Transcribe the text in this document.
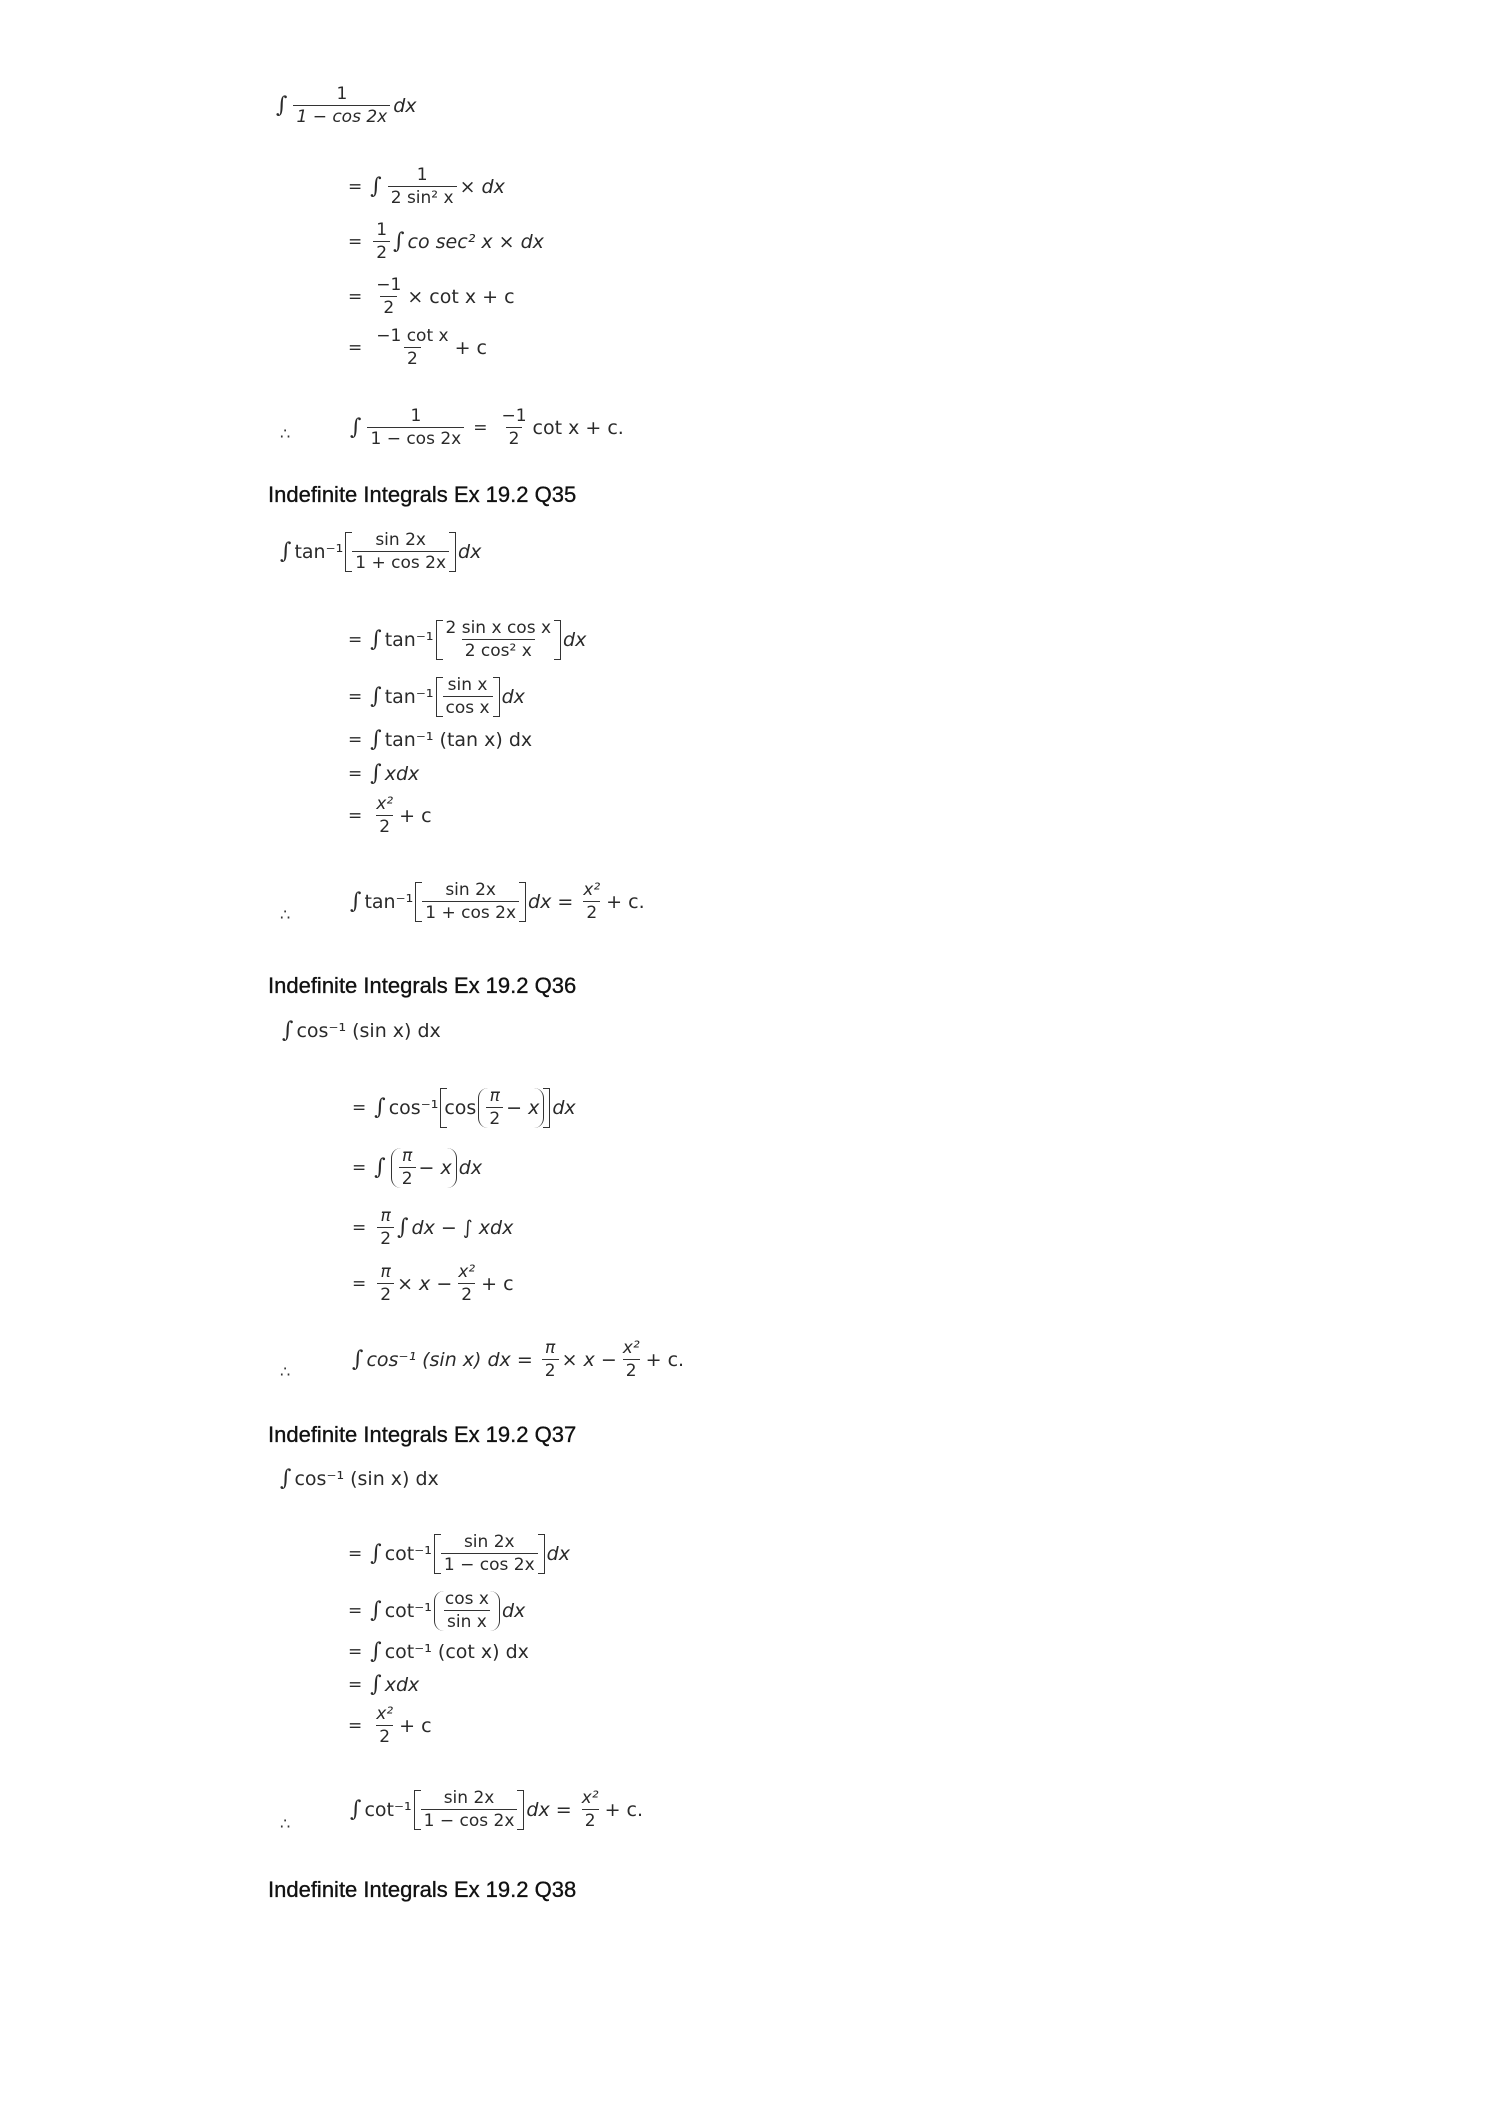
∫ $\frac{1}{1 - \cos 2x}$ dx
= ∫ $\frac{1}{\text{2 sin² x}}$ × dx
= $\frac{1}{2}$ ∫ co sec² x × dx
= $\frac{-1}{2} \times \cot x + c$
= $\frac{\text{−1 cot x}}{2} + c$
∴	∫ $\frac{1}{1 - \cos 2x} = \frac{-1}{2}$ cot x + c.
Indefinite Integrals Ex 19.2 Q35
∫ $\tan^{-1} \frac{\sin 2x}{1 + \cos 2x}$ dx
= ∫ $\tan^{-1} \frac{\text{2 sin x cos x}}{\text{2 cos² x}}$ dx
= ∫ $\tan^{-1} \frac{\text{sin x}}{\text{cos x}}$ dx
= ∫ tan⁻¹ (tan x) dx
= ∫ xdx
= $\frac{\text{x²}}{2} + c$
∴
∫ $\tan^{-1} \frac{\sin 2x}{1 + \cos 2x}$ dx = $\frac{\text{x²}}{2} + c$.
Indefinite Integrals Ex 19.2 Q36
∫ cos⁻¹ (sin x) dx
= ∫ cos⁻¹ $\cos \frac{\pi}{2} - x$ dx
= ∫ $\frac{\pi}{2} - x$ dx
= $\frac{\pi}{2}$ ∫ dx − ∫ xdx
= $\frac{\pi}{2} \times x - \frac{\text{x²}}{2} + c$
∴	∫ cos⁻¹ (sin x) dx = $\frac{\pi}{2} \times x - \frac{\text{x²}}{2} + c$.
Indefinite Integrals Ex 19.2 Q37
∫ cos⁻¹ (sin x) dx
= ∫ $\cot^{-1} \frac{\sin 2x}{1 - \cos 2x}$ dx
= ∫ $\cot^{-1} \frac{\text{cos x}}{\text{sin x}}$ dx
= ∫ cot⁻¹ (cot x) dx
= ∫ xdx
= $\frac{\text{x²}}{2} + c$
∴
∫ $\cot^{-1} \frac{\sin 2x}{1 - \cos 2x}$ dx = $\frac{\text{x²}}{2} + c$.
Indefinite Integrals Ex 19.2 Q38
